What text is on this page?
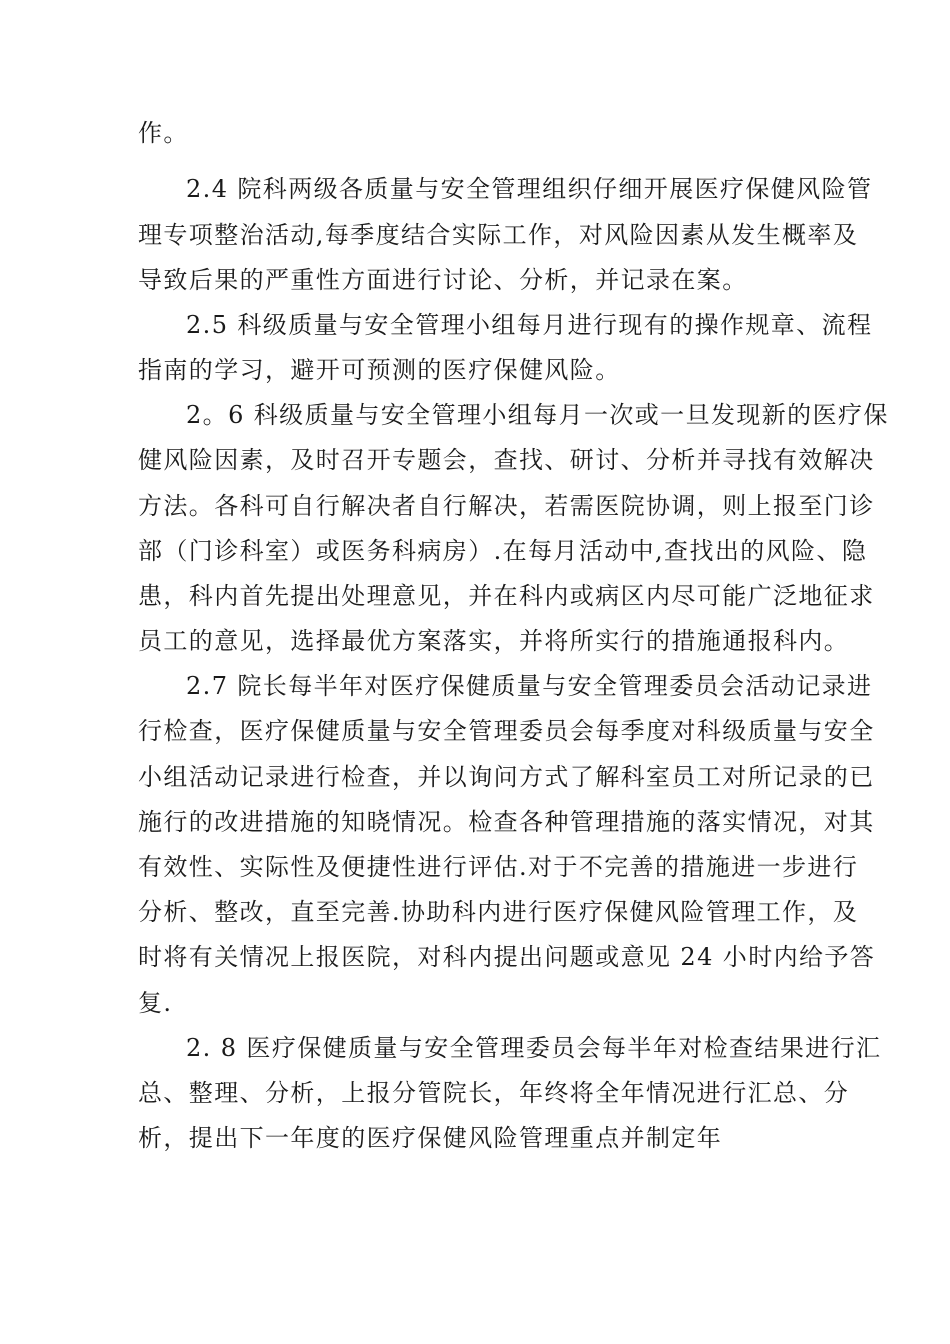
作。
2.4 院科两级各质量与安全管理组织仔细开展医疗保健风险管
理专项整治活动,每季度结合实际工作，对风险因素从发生概率及
导致后果的严重性方面进行讨论、分析，并记录在案。
2.5 科级质量与安全管理小组每月进行现有的操作规章、流程
指南的学习，避开可预测的医疗保健风险。
2。6 科级质量与安全管理小组每月一次或一旦发现新的医疗保
健风险因素，及时召开专题会，查找、研讨、分析并寻找有效解决
方法。各科可自行解决者自行解决，若需医院协调，则上报至门诊
部（门诊科室）或医务科病房）.在每月活动中,查找出的风险、隐
患，科内首先提出处理意见，并在科内或病区内尽可能广泛地征求
员工的意见，选择最优方案落实，并将所实行的措施通报科内。
2.7 院长每半年对医疗保健质量与安全管理委员会活动记录进
行检查，医疗保健质量与安全管理委员会每季度对科级质量与安全
小组活动记录进行检查，并以询问方式了解科室员工对所记录的已
施行的改进措施的知晓情况。检查各种管理措施的落实情况，对其
有效性、实际性及便捷性进行评估.对于不完善的措施进一步进行
分析、整改，直至完善.协助科内进行医疗保健风险管理工作，及
时将有关情况上报医院，对科内提出问题或意见 24 小时内给予答
复.
2. 8 医疗保健质量与安全管理委员会每半年对检查结果进行汇
总、整理、分析，上报分管院长，年终将全年情况进行汇总、分
析，提出下一年度的医疗保健风险管理重点并制定年
